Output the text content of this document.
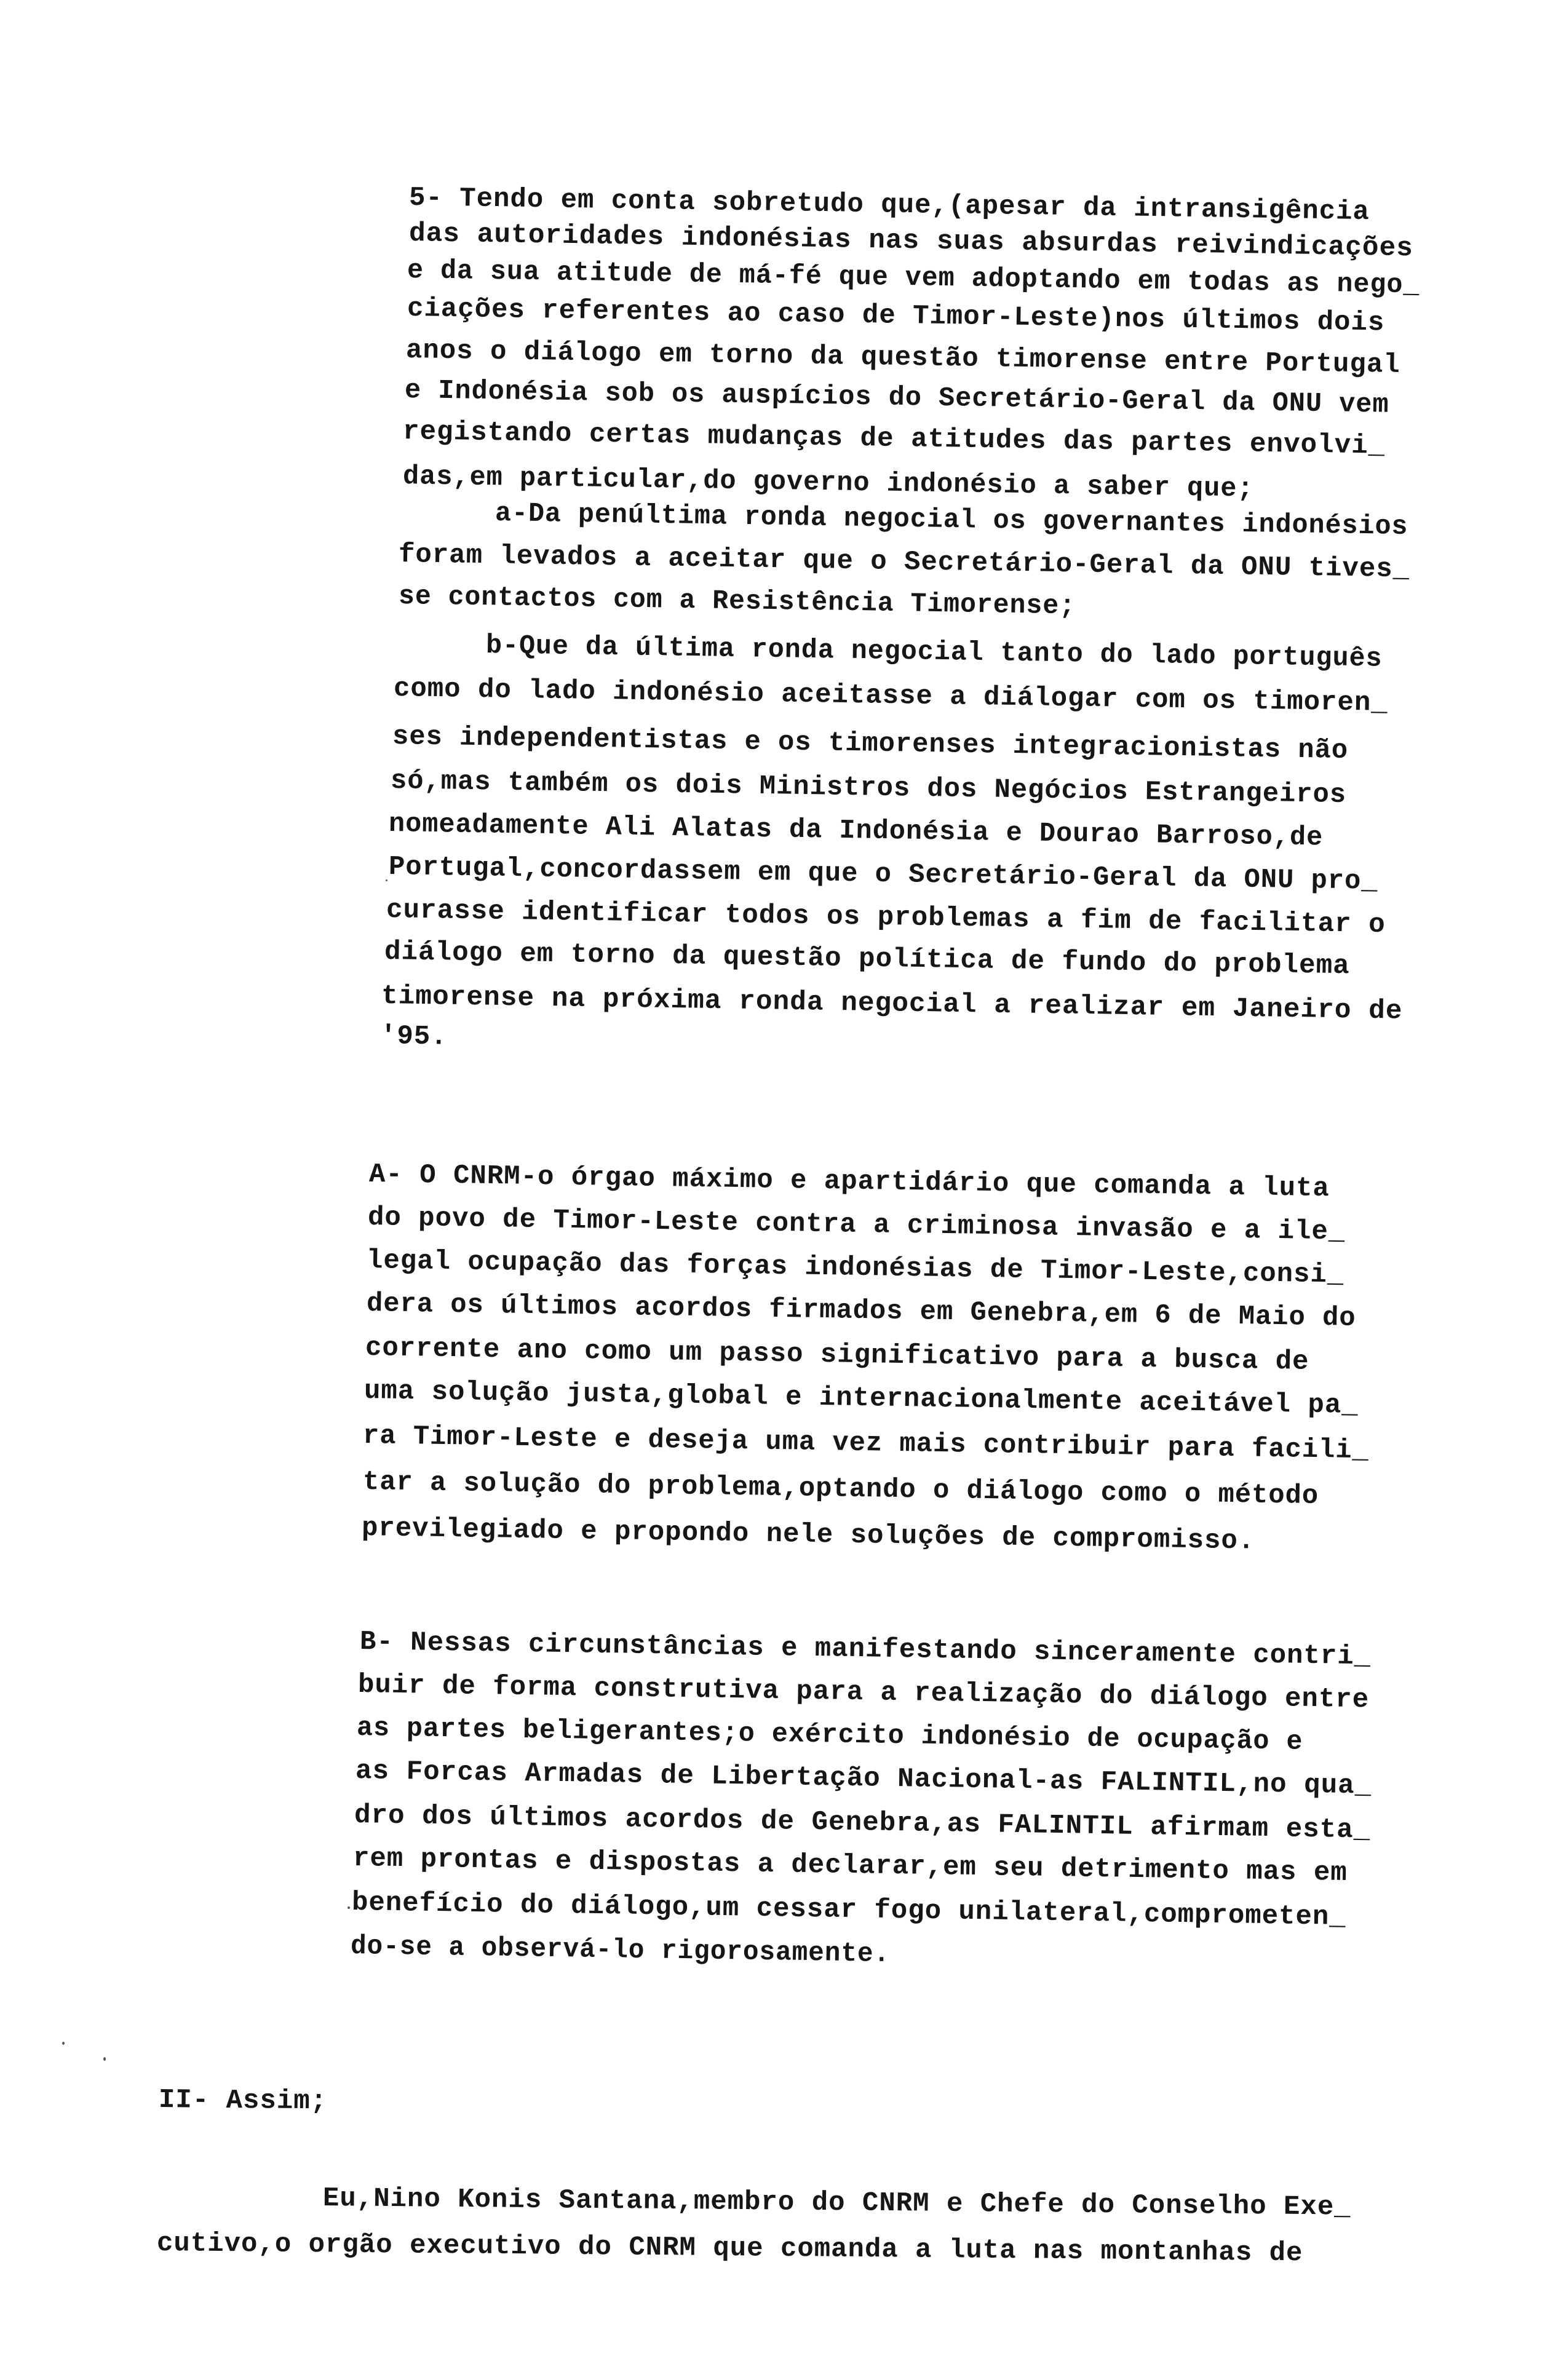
5- Tendo em conta sobretudo que,(apesar da intransigência
das autoridades indonésias nas suas absurdas reivindicações
e da sua atitude de má-fé que vem adoptando em todas as nego_
ciações referentes ao caso de Timor-Leste)nos últimos dois
anos o diálogo em torno da questão timorense entre Portugal
e Indonésia sob os auspícios do Secretário-Geral da ONU vem
registando certas mudanças de atitudes das partes envolvi_
das,em particular,do governo indonésio a saber que;
a-Da penúltima ronda negocial os governantes indonésios
foram levados a aceitar que o Secretário-Geral da ONU tives_
se contactos com a Resistência Timorense;
b-Que da última ronda negocial tanto do lado português
como do lado indonésio aceitasse a diálogar com os timoren_
ses independentistas e os timorenses integracionistas não
só,mas também os dois Ministros dos Negócios Estrangeiros
nomeadamente Ali Alatas da Indonésia e Dourao Barroso,de
Portugal,concordassem em que o Secretário-Geral da ONU pro_
curasse identificar todos os problemas a fim de facilitar o
diálogo em torno da questão política de fundo do problema
timorense na próxima ronda negocial a realizar em Janeiro de
'95.
A- O CNRM-o órgao máximo e apartidário que comanda a luta
do povo de Timor-Leste contra a criminosa invasão e a ile_
legal ocupação das forças indonésias de Timor-Leste,consi_
dera os últimos acordos firmados em Genebra,em 6 de Maio do
corrente ano como um passo significativo para a busca de
uma solução justa,global e internacionalmente aceitável pa_
ra Timor-Leste e deseja uma vez mais contribuir para facili_
tar a solução do problema,optando o diálogo como o método
previlegiado e propondo nele soluções de compromisso.
B- Nessas circunstâncias e manifestando sinceramente contri_
buir de forma construtiva para a realização do diálogo entre
as partes beligerantes;o exército indonésio de ocupação e
as Forcas Armadas de Libertação Nacional-as FALINTIL,no qua_
dro dos últimos acordos de Genebra,as FALINTIL afirmam esta_
rem prontas e dispostas a declarar,em seu detrimento mas em
benefício do diálogo,um cessar fogo unilateral,comprometen_
do-se a observá-lo rigorosamente.
II- Assim;
Eu,Nino Konis Santana,membro do CNRM e Chefe do Conselho Exe_
cutivo,o orgão executivo do CNRM que comanda a luta nas montanhas de
